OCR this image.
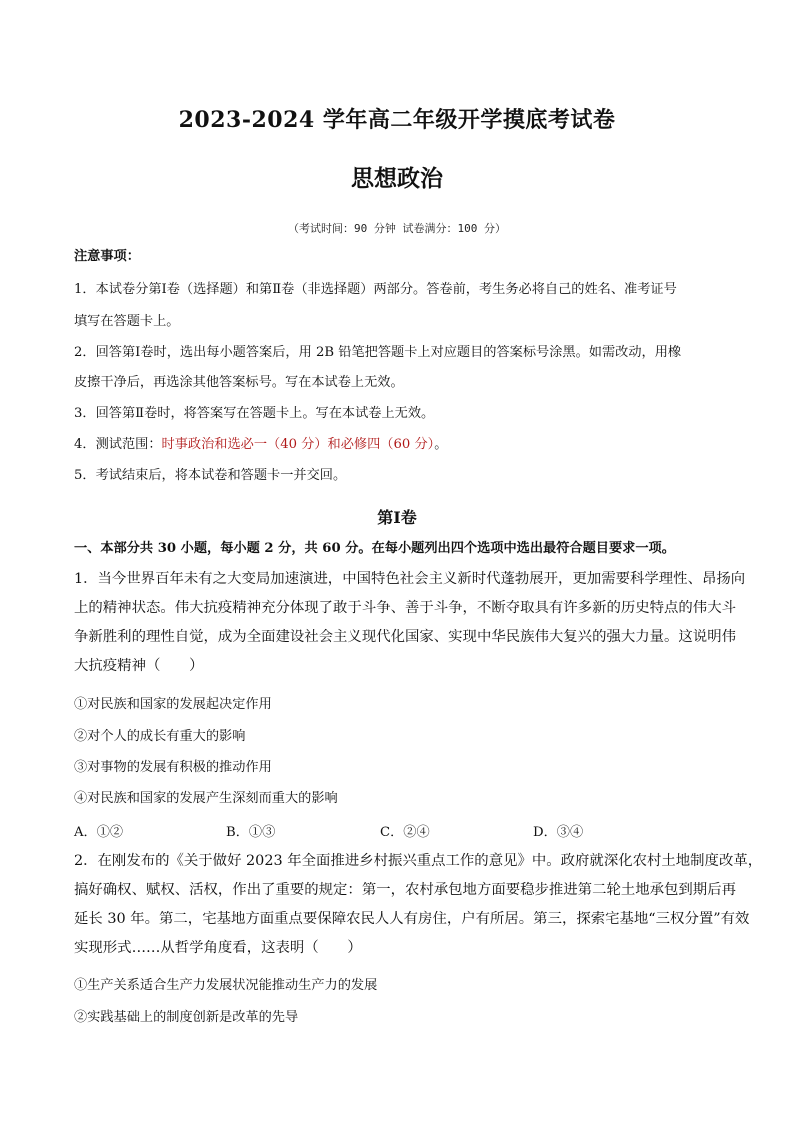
2023-2024 学年高二年级开学摸底考试卷
思想政治
（考试时间：90 分钟 试卷满分：100 分）
注意事项：
1．本试卷分第Ⅰ卷（选择题）和第Ⅱ卷（非选择题）两部分。答卷前，考生务必将自己的姓名、准考证号
填写在答题卡上。
2．回答第Ⅰ卷时，选出每小题答案后，用 2B 铅笔把答题卡上对应题目的答案标号涂黑。如需改动，用橡
皮擦干净后，再选涂其他答案标号。写在本试卷上无效。
3．回答第Ⅱ卷时，将答案写在答题卡上。写在本试卷上无效。
4．测试范围：时事政治和选必一（40 分）和必修四（60 分）。
5．考试结束后，将本试卷和答题卡一并交回。
第Ⅰ卷
一、本部分共 30 小题，每小题 2 分，共 60 分。在每小题列出四个选项中选出最符合题目要求一项。
1．当今世界百年未有之大变局加速演进，中国特色社会主义新时代蓬勃展开，更加需要科学理性、昂扬向
上的精神状态。伟大抗疫精神充分体现了敢于斗争、善于斗争，不断夺取具有许多新的历史特点的伟大斗
争新胜利的理性自觉，成为全面建设社会主义现代化国家、实现中华民族伟大复兴的强大力量。这说明伟
大抗疫精神（　　）
①对民族和国家的发展起决定作用
②对个人的成长有重大的影响
③对事物的发展有积极的推动作用
④对民族和国家的发展产生深刻而重大的影响
A．①②	B．①③	C．②④	D．③④
2．在刚发布的《关于做好 2023 年全面推进乡村振兴重点工作的意见》中。政府就深化农村土地制度改革，
搞好确权、赋权、活权，作出了重要的规定：第一，农村承包地方面要稳步推进第二轮土地承包到期后再
延长 30 年。第二，宅基地方面重点要保障农民人人有房住，户有所居。第三，探索宅基地“三权分置”有效
实现形式……从哲学角度看，这表明（　　）
①生产关系适合生产力发展状况能推动生产力的发展
②实践基础上的制度创新是改革的先导
